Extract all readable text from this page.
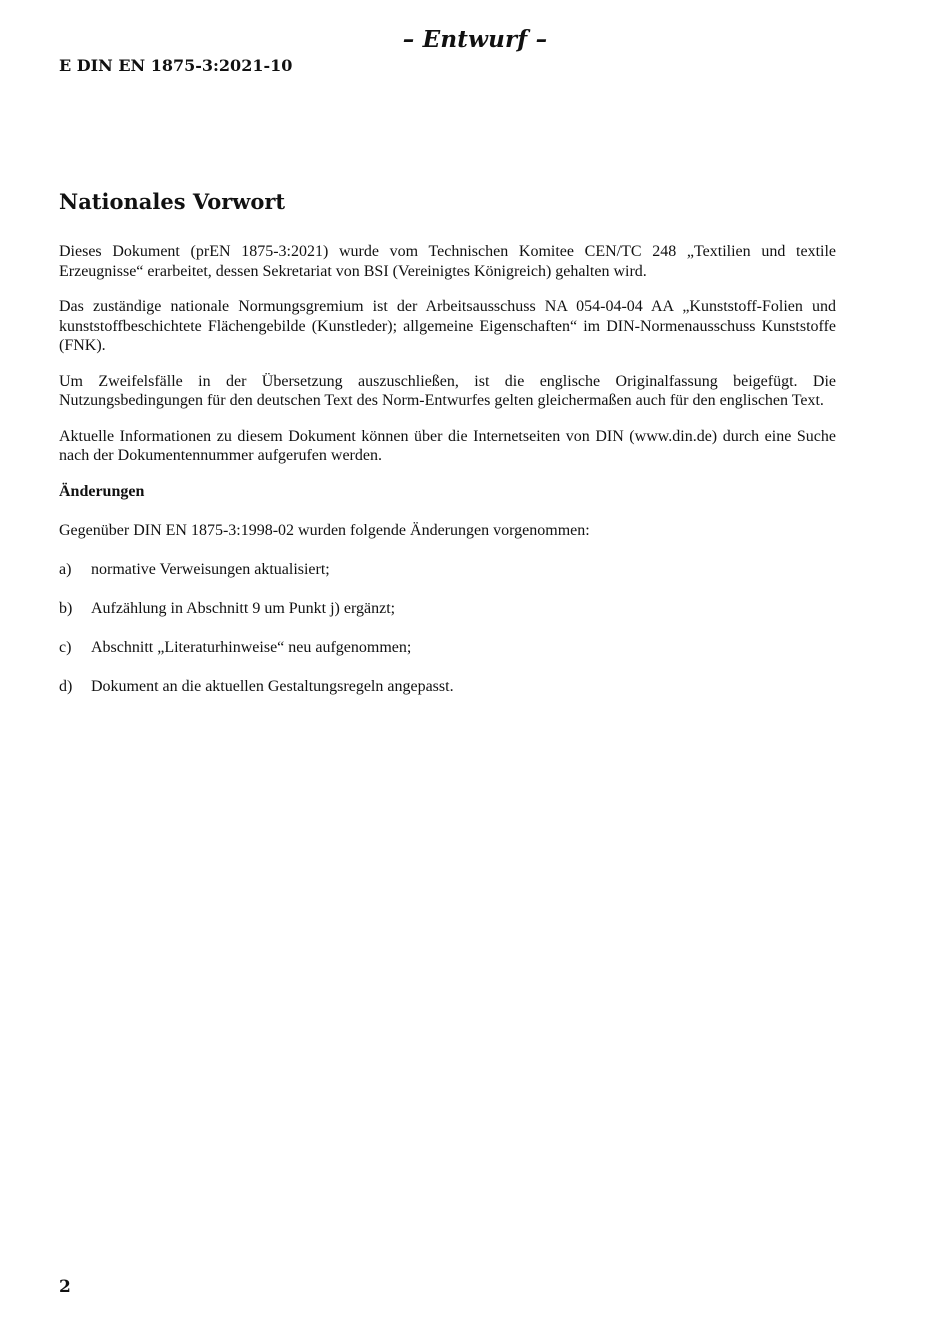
– Entwurf –
E DIN EN 1875-3:2021-10
Nationales Vorwort

Dieses Dokument (prEN 1875-3:2021) wurde vom Technischen Komitee CEN/TC 248 „Textilien und textile Erzeugnisse“ erarbeitet, dessen Sekretariat von BSI (Vereinigtes Königreich) gehalten wird.

Das zuständige nationale Normungsgremium ist der Arbeitsausschuss NA 054-04-04 AA „Kunststoff-Folien und kunststoffbeschichtete Flächengebilde (Kunstleder); allgemeine Eigenschaften“ im DIN-Normenausschuss Kunststoffe (FNK).

Um Zweifelsfälle in der Übersetzung auszuschließen, ist die englische Originalfassung beigefügt. Die Nutzungsbedingungen für den deutschen Text des Norm-Entwurfes gelten gleichermaßen auch für den englischen Text.

Aktuelle Informationen zu diesem Dokument können über die Internetseiten von DIN (www.din.de) durch eine Suche nach der Dokumentennummer aufgerufen werden.

Änderungen

Gegenüber DIN EN 1875-3:1998-02 wurden folgende Änderungen vorgenommen:

a)	normative Verweisungen aktualisiert;
b)	Aufzählung in Abschnitt 9 um Punkt j) ergänzt;
c)	Abschnitt „Literaturhinweise“ neu aufgenommen;
d)	Dokument an die aktuellen Gestaltungsregeln angepasst.
2
